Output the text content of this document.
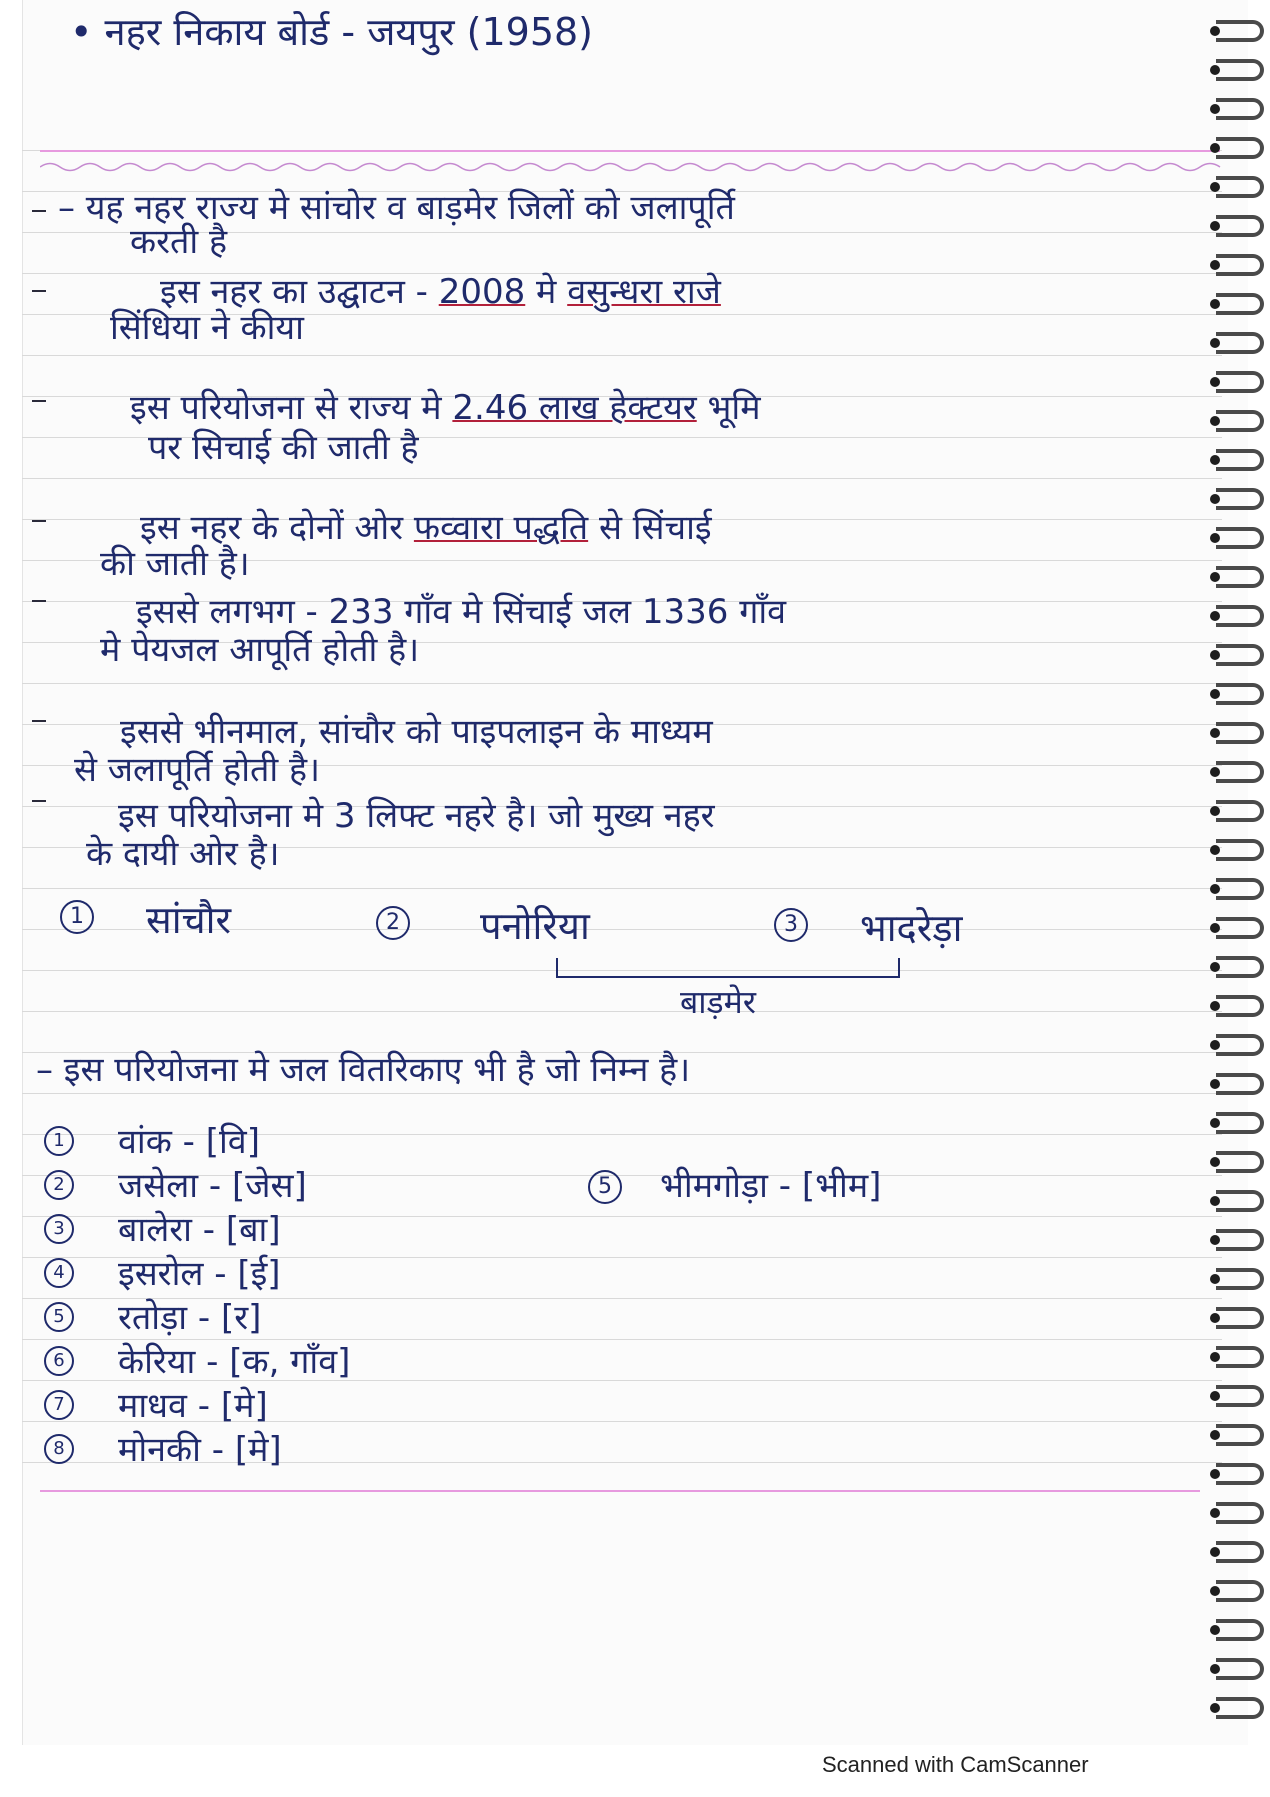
• नहर निकाय बोर्ड - जयपुर (1958)
– यह नहर राज्य मे सांचोर व बाड़मेर जिलों को जलापूर्ति
करती है
इस नहर का उद्घाटन - 2008 मे वसुन्धरा राजे
सिंधिया ने कीया
इस परियोजना से राज्य मे 2.46 लाख हेक्टयर भूमि
पर सिचाई की जाती है
इस नहर के दोनों ओर फव्वारा पद्धति से सिंचाई
की जाती है।
इससे लगभग - 233 गाँव मे सिंचाई जल 1336 गाँव
मे पेयजल आपूर्ति होती है।
इससे भीनमाल, सांचौर को पाइपलाइन के माध्यम
से जलापूर्ति होती है।
इस परियोजना मे 3 लिफ्ट नहरे है। जो मुख्य नहर
के दायी ओर है।
1 सांचौर	2 पनोरिया	3 भादरेड़ा
बाड़मेर
– इस परियोजना मे जल वितरिकाए भी है जो निम्न है।
1 वांक - [वि]
2 जसेला - [जेस]
3 बालेरा - [बा]
4 इसरोल - [ई]
5 रतोड़ा - [र]
6 केरिया - [क, गाँव]
7 माधव - [मे]
8 मोनकी - [मे]
5 भीमगोड़ा - [भीम]
Scanned with CamScanner
